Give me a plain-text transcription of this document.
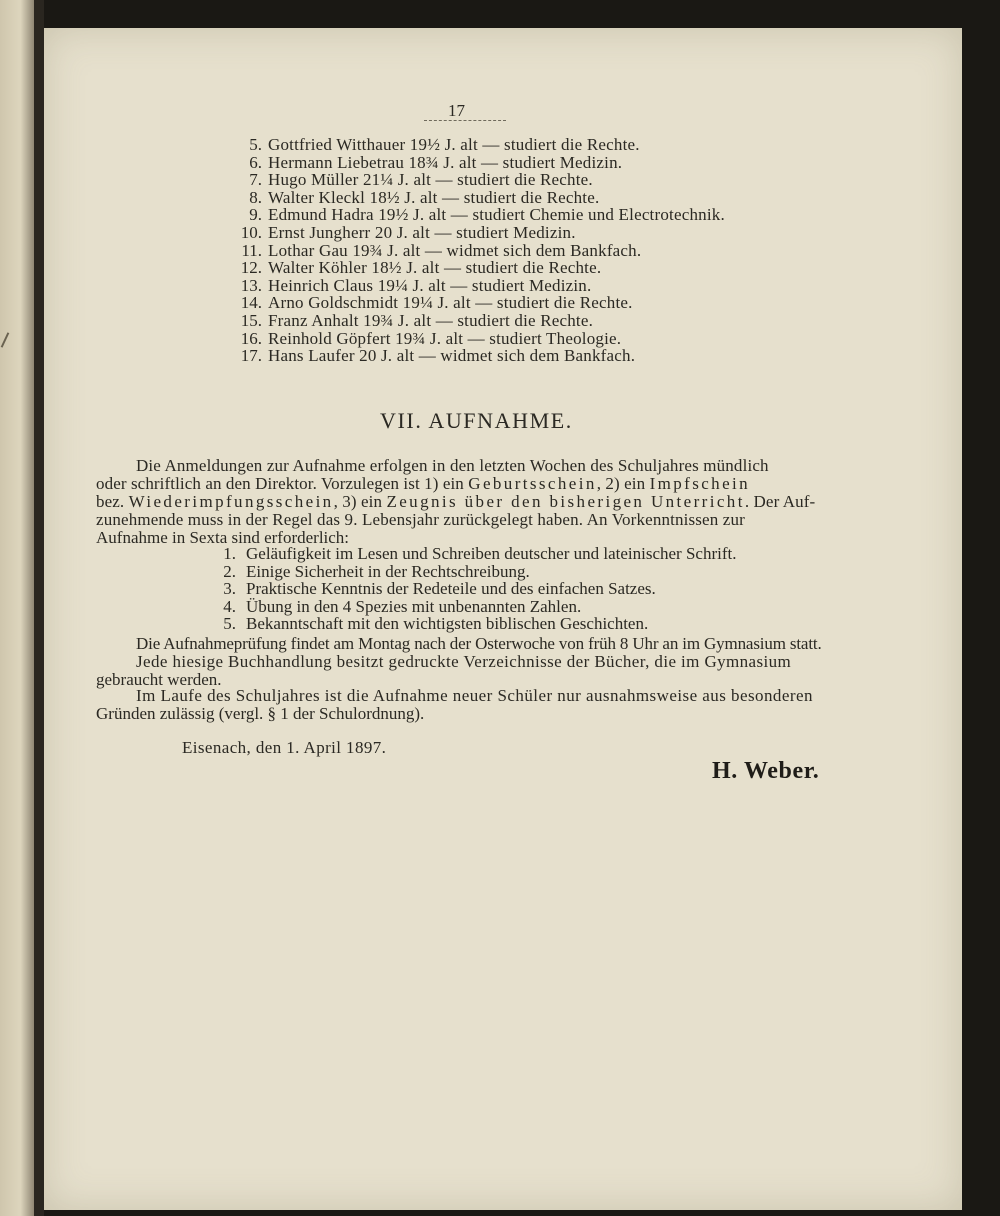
17
5. Gottfried Witthauer 19½ J. alt — studiert die Rechte.
6. Hermann Liebetrau 18¾ J. alt — studiert Medizin.
7. Hugo Müller 21¼ J. alt — studiert die Rechte.
8. Walter Kleckl 18½ J. alt — studiert die Rechte.
9. Edmund Hadra 19½ J. alt — studiert Chemie und Electrotechnik.
10. Ernst Jungherr 20 J. alt — studiert Medizin.
11. Lothar Gau 19¾ J. alt — widmet sich dem Bankfach.
12. Walter Köhler 18½ J. alt — studiert die Rechte.
13. Heinrich Claus 19¼ J. alt — studiert Medizin.
14. Arno Goldschmidt 19¼ J. alt — studiert die Rechte.
15. Franz Anhalt 19¾ J. alt — studiert die Rechte.
16. Reinhold Göpfert 19¾ J. alt — studiert Theologie.
17. Hans Laufer 20 J. alt — widmet sich dem Bankfach.
VII. AUFNAHME.
Die Anmeldungen zur Aufnahme erfolgen in den letzten Wochen des Schuljahres mündlich
oder schriftlich an den Direktor. Vorzulegen ist 1) ein Geburtsschein, 2) ein Impfschein
bez. Wiederimpfungsschein, 3) ein Zeugnis über den bisherigen Unterricht. Der Auf-
zunehmende muss in der Regel das 9. Lebensjahr zurückgelegt haben. An Vorkenntnissen zur
Aufnahme in Sexta sind erforderlich:
1. Geläufigkeit im Lesen und Schreiben deutscher und lateinischer Schrift.
2. Einige Sicherheit in der Rechtschreibung.
3. Praktische Kenntnis der Redeteile und des einfachen Satzes.
4. Übung in den 4 Spezies mit unbenannten Zahlen.
5. Bekanntschaft mit den wichtigsten biblischen Geschichten.
Die Aufnahmeprüfung findet am Montag nach der Osterwoche von früh 8 Uhr an im Gymnasium statt.
Jede hiesige Buchhandlung besitzt gedruckte Verzeichnisse der Bücher, die im Gymnasium
gebraucht werden.
Im Laufe des Schuljahres ist die Aufnahme neuer Schüler nur ausnahmsweise aus besonderen
Gründen zulässig (vergl. § 1 der Schulordnung).
Eisenach, den 1. April 1897.
H. Weber.
